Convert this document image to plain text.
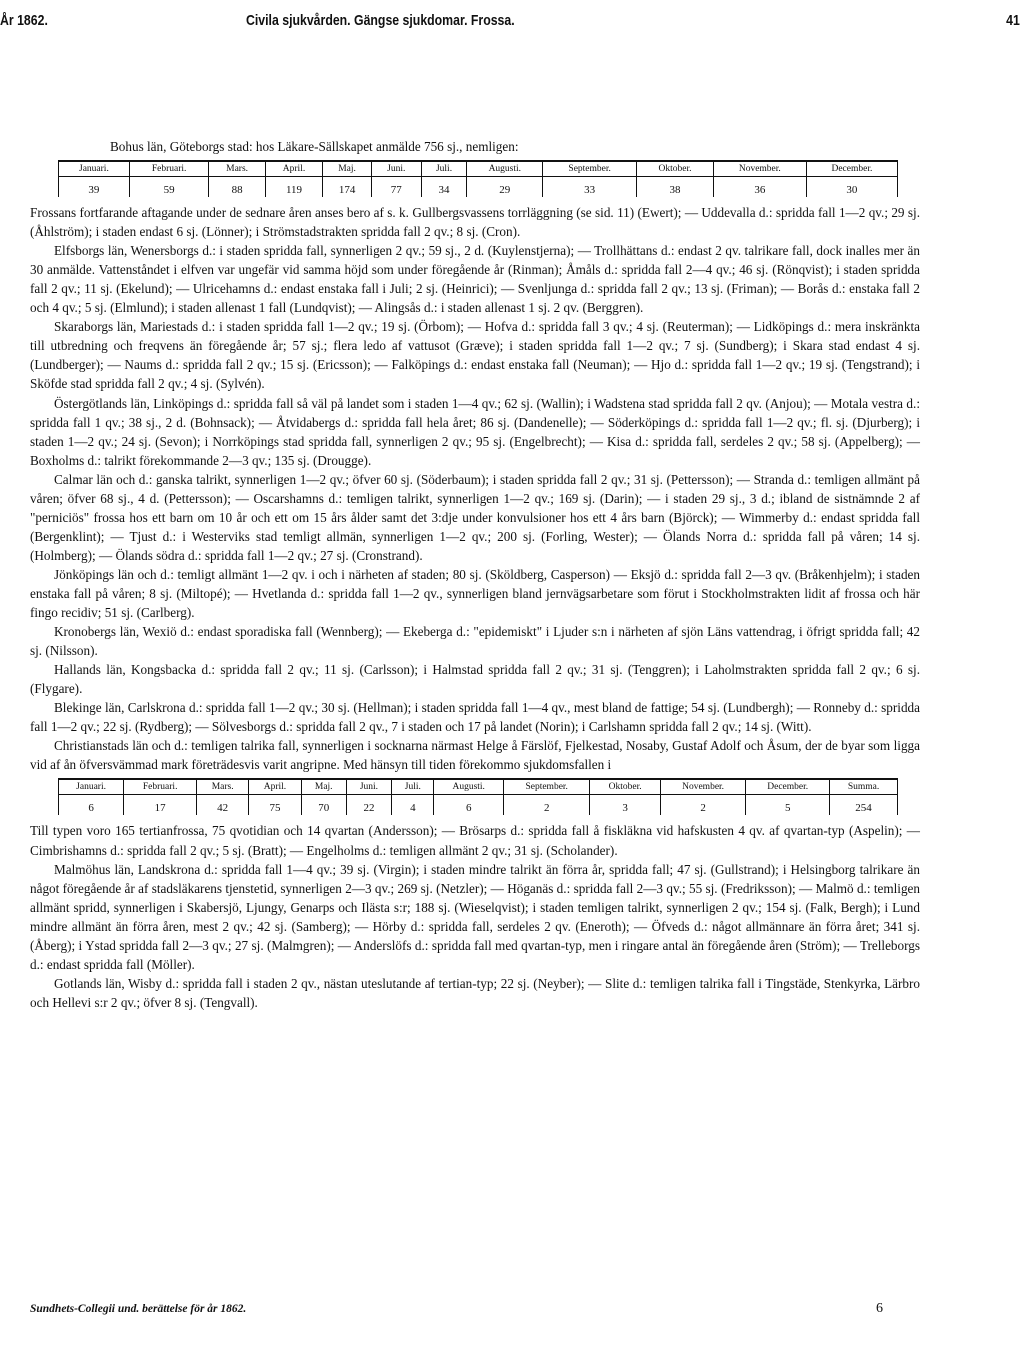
År 1862.	Civila sjukvården. Gängse sjukdomar. Frossa.	41

Bohus län, Göteborgs stad: hos Läkare-Sällskapet anmälde 756 sj., nemligen:

Januari.	Februari.	Mars.	April.	Maj.	Juni.	Juli.	Augusti.	September.	Oktober.	November.	December.
39	59	88	119	174	77	34	29	33	38	36	30

Frossans fortfarande aftagande under de sednare åren anses bero af s. k. Gullbergsvassens torrläggning (se sid. 11) (Ewert); — Uddevalla d.: spridda fall 1—2 qv.; 29 sj. (Åhlström); i staden endast 6 sj. (Lönner); i Strömstadstrakten spridda fall 2 qv.; 8 sj. (Cron).

Elfsborgs län, Wenersborgs d.: i staden spridda fall, synnerligen 2 qv.; 59 sj., 2 d. (Kuylenstjerna); — Trollhättans d.: endast 2 qv. talrikare fall, dock inalles mer än 30 anmälde. Vattenståndet i elfven var ungefär vid samma höjd som under föregående år (Rinman); Åmåls d.: spridda fall 2—4 qv.; 46 sj. (Rönqvist); i staden spridda fall 2 qv.; 11 sj. (Ekelund); — Ulricehamns d.: endast enstaka fall i Juli; 2 sj. (Heinrici); — Svenljunga d.: spridda fall 2 qv.; 13 sj. (Friman); — Borås d.: enstaka fall 2 och 4 qv.; 5 sj. (Elmlund); i staden allenast 1 fall (Lundqvist); — Alingsås d.: i staden allenast 1 sj. 2 qv. (Berggren).

Skaraborgs län, Mariestads d.: i staden spridda fall 1—2 qv.; 19 sj. (Örbom); — Hofva d.: spridda fall 3 qv.; 4 sj. (Reuterman); — Lidköpings d.: mera inskränkta till utbredning och freqvens än föregående år; 57 sj.; flera ledo af vattusot (Græve); i staden spridda fall 1—2 qv.; 7 sj. (Sundberg); i Skara stad endast 4 sj. (Lundberger); — Naums d.: spridda fall 2 qv.; 15 sj. (Ericsson); — Falköpings d.: endast enstaka fall (Neuman); — Hjo d.: spridda fall 1—2 qv.; 19 sj. (Tengstrand); i Sköfde stad spridda fall 2 qv.; 4 sj. (Sylvén).

Östergötlands län, Linköpings d.: spridda fall så väl på landet som i staden 1—4 qv.; 62 sj. (Wallin); i Wadstena stad spridda fall 2 qv. (Anjou); — Motala vestra d.: spridda fall 1 qv.; 38 sj., 2 d. (Bohnsack); — Åtvidabergs d.: spridda fall hela året; 86 sj. (Dandenelle); — Söderköpings d.: spridda fall 1—2 qv.; fl. sj. (Djurberg); i staden 1—2 qv.; 24 sj. (Sevon); i Norrköpings stad spridda fall, synnerligen 2 qv.; 95 sj. (Engelbrecht); — Kisa d.: spridda fall, serdeles 2 qv.; 58 sj. (Appelberg); — Boxholms d.: talrikt förekommande 2—3 qv.; 135 sj. (Drougge).

Calmar län och d.: ganska talrikt, synnerligen 1—2 qv.; öfver 60 sj. (Söderbaum); i staden spridda fall 2 qv.; 31 sj. (Pettersson); — Stranda d.: temligen allmänt på våren; öfver 68 sj., 4 d. (Pettersson); — Oscarshamns d.: temligen talrikt, synnerligen 1—2 qv.; 169 sj. (Darin); — i staden 29 sj., 3 d.; ibland de sistnämnde 2 af "perniciös" frossa hos ett barn om 10 år och ett om 15 års ålder samt det 3:dje under konvulsioner hos ett 4 års barn (Björck); — Wimmerby d.: endast spridda fall (Bergenklint); — Tjust d.: i Westerviks stad temligt allmän, synnerligen 1—2 qv.; 200 sj. (Forling, Wester); — Ölands Norra d.: spridda fall på våren; 14 sj. (Holmberg); — Ölands södra d.: spridda fall 1—2 qv.; 27 sj. (Cronstrand).

Jönköpings län och d.: temligt allmänt 1—2 qv. i och i närheten af staden; 80 sj. (Sköldberg, Casperson) — Eksjö d.: spridda fall 2—3 qv. (Bråkenhjelm); i staden enstaka fall på våren; 8 sj. (Miltopé); — Hvetlanda d.: spridda fall 1—2 qv., synnerligen bland jernvägsarbetare som förut i Stockholmstrakten lidit af frossa och här fingo recidiv; 51 sj. (Carlberg).

Kronobergs län, Wexiö d.: endast sporadiska fall (Wennberg); — Ekeberga d.: "epidemiskt" i Ljuder s:n i närheten af sjön Läns vattendrag, i öfrigt spridda fall; 42 sj. (Nilsson).

Hallands län, Kongsbacka d.: spridda fall 2 qv.; 11 sj. (Carlsson); i Halmstad spridda fall 2 qv.; 31 sj. (Tenggren); i Laholmstrakten spridda fall 2 qv.; 6 sj. (Flygare).

Blekinge län, Carlskrona d.: spridda fall 1—2 qv.; 30 sj. (Hellman); i staden spridda fall 1—4 qv., mest bland de fattige; 54 sj. (Lundbergh); — Ronneby d.: spridda fall 1—2 qv.; 22 sj. (Rydberg); — Sölvesborgs d.: spridda fall 2 qv., 7 i staden och 17 på landet (Norin); i Carlshamn spridda fall 2 qv.; 14 sj. (Witt).

Christianstads län och d.: temligen talrika fall, synnerligen i socknarna närmast Helge å Färslöf, Fjelkestad, Nosaby, Gustaf Adolf och Åsum, der de byar som ligga vid af ån öfversvämmad mark företrädesvis varit angripne. Med hänsyn till tiden förekommo sjukdomsfallen i

Januari.	Februari.	Mars.	April.	Maj.	Juni.	Juli.	Augusti.	September.	Oktober.	November.	December.	Summa.
6	17	42	75	70	22	4	6	2	3	2	5	254

Till typen voro 165 tertianfrossa, 75 qvotidian och 14 qvartan (Andersson); — Brösarps d.: spridda fall å fiskläkna vid hafskusten 4 qv. af qvartan-typ (Aspelin); — Cimbrishamns d.: spridda fall 2 qv.; 5 sj. (Bratt); — Engelholms d.: temligen allmänt 2 qv.; 31 sj. (Scholander).

Malmöhus län, Landskrona d.: spridda fall 1—4 qv.; 39 sj. (Virgin); i staden mindre talrikt än förra år, spridda fall; 47 sj. (Gullstrand); i Helsingborg talrikare än något föregående år af stadsläkarens tjenstetid, synnerligen 2—3 qv.; 269 sj. (Netzler); — Höganäs d.: spridda fall 2—3 qv.; 55 sj. (Fredriksson); — Malmö d.: temligen allmänt spridd, synnerligen i Skabersjö, Ljungy, Genarps och Ilästa s:r; 188 sj. (Wieselqvist); i staden temligen talrikt, synnerligen 2 qv.; 154 sj. (Falk, Bergh); i Lund mindre allmänt än förra åren, mest 2 qv.; 42 sj. (Samberg); — Hörby d.: spridda fall, serdeles 2 qv. (Eneroth); — Öfveds d.: något allmännare än förra året; 341 sj. (Åberg); i Ystad spridda fall 2—3 qv.; 27 sj. (Malmgren); — Anderslöfs d.: spridda fall med qvartan-typ, men i ringare antal än föregående åren (Ström); — Trelleborgs d.: endast spridda fall (Möller).

Gotlands län, Wisby d.: spridda fall i staden 2 qv., nästan uteslutande af tertian-typ; 22 sj. (Neyber); — Slite d.: temligen talrika fall i Tingstäde, Stenkyrka, Lärbro och Hellevi s:r 2 qv.; öfver 8 sj. (Tengvall).

Sundhets-Collegii und. berättelse för år 1862.	6
